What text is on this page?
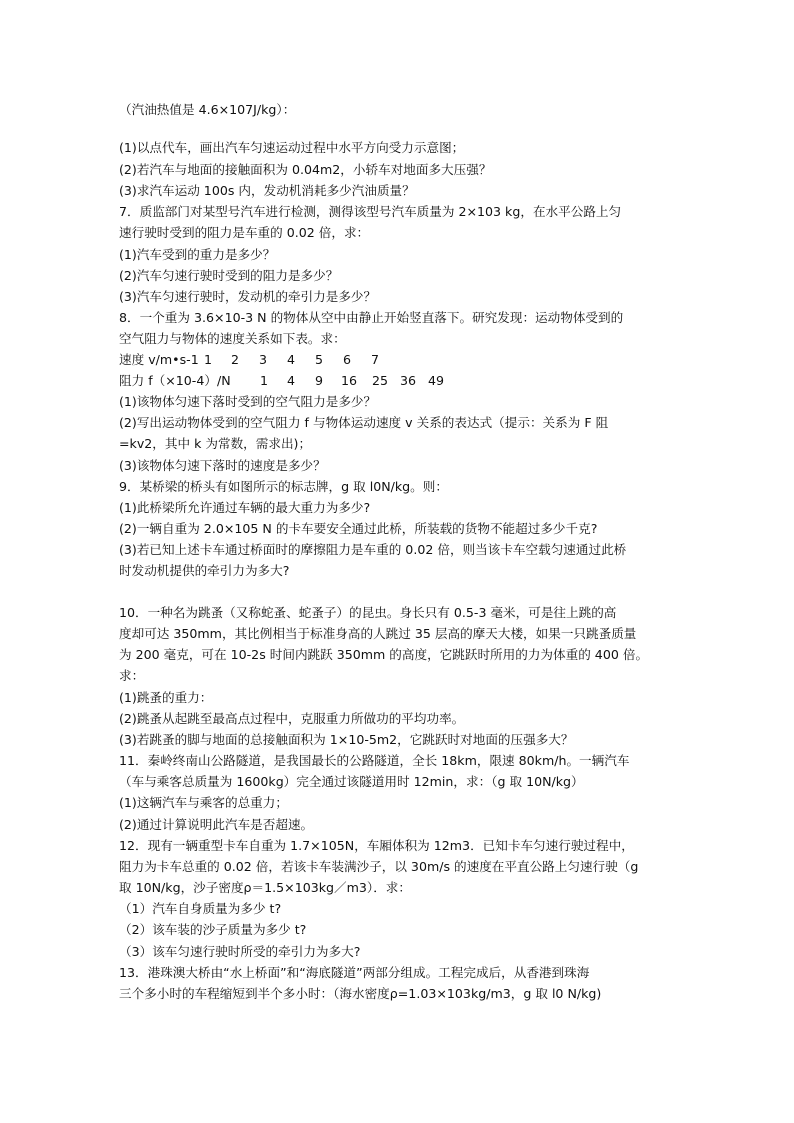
（汽油热值是 4.6×107J/kg）：
(1)以点代车，画出汽车匀速运动过程中水平方向受力示意图；
(2)若汽车与地面的接触面积为 0.04m2，小轿车对地面多大压强？
(3)求汽车运动 100s 内，发动机消耗多少汽油质量？
7．质监部门对某型号汽车进行检测，测得该型号汽车质量为 2×103 kg，在水平公路上匀
速行驶时受到的阻力是车重的 0.02 倍，求：
(1)汽车受到的重力是多少？
(2)汽车匀速行驶时受到的阻力是多少？
(3)汽车匀速行驶时，发动机的牵引力是多少？
8．一个重为 3.6×10-3 N 的物体从空中由静止开始竖直落下。研究发现：运动物体受到的
空气阻力与物体的速度关系如下表。求：
速度 v/m•s-1 1 2 3 4 5 6 7
阻力 f（×10-4）/N 1 4 9 16 25 36 49
(1)该物体匀速下落时受到的空气阻力是多少？
(2)写出运动物体受到的空气阻力 f 与物体运动速度 v 关系的表达式（提示：关系为 F 阻
=kv2，其中 k 为常数，需求出)；
(3)该物体匀速下落时的速度是多少？
9．某桥梁的桥头有如图所示的标志牌，g 取 l0N/kg。则：
(1)此桥梁所允许通过车辆的最大重力为多少?
(2)一辆自重为 2.0×105 N 的卡车要安全通过此桥，所装载的货物不能超过多少千克?
(3)若已知上述卡车通过桥面时的摩擦阻力是车重的 0.02 倍，则当该卡车空载匀速通过此桥
时发动机提供的牵引力为多大?
10．一种名为跳蚤（又称蛇蚤、蛇蚤子）的昆虫。身长只有 0.5-3 毫米，可是往上跳的高
度却可达 350mm，其比例相当于标准身高的人跳过 35 层高的摩天大楼，如果一只跳蚤质量
为 200 毫克，可在 10-2s 时间内跳跃 350mm 的高度，它跳跃时所用的力为体重的 400 倍。
求：
(1)跳蚤的重力：
(2)跳蚤从起跳至最高点过程中，克服重力所做功的平均功率。
(3)若跳蚤的脚与地面的总接触面积为 1×10-5m2，它跳跃时对地面的压强多大？
11．秦岭终南山公路隧道，是我国最长的公路隧道，全长 18km，限速 80km/h。一辆汽车
（车与乘客总质量为 1600kg）完全通过该隧道用时 12min，求：（g 取 10N/kg）
(1)这辆汽车与乘客的总重力；
(2)通过计算说明此汽车是否超速。
12．现有一辆重型卡车自重为 1.7×105N，车厢体积为 12m3．已知卡车匀速行驶过程中，
阻力为卡车总重的 0.02 倍，若该卡车装满沙子，以 30m/s 的速度在平直公路上匀速行驶（g
取 10N/kg，沙子密度ρ＝1.5×103kg／m3）．求：
（1）汽车自身质量为多少 t?
（2）该车装的沙子质量为多少 t?
（3）该车匀速行驶时所受的牵引力为多大?
13．港珠澳大桥由“水上桥面”和“海底隧道”两部分组成。工程完成后，从香港到珠海
三个多小时的车程缩短到半个多小时：（海水密度ρ=1.03×103kg/m3，g 取 l0 N/kg)
